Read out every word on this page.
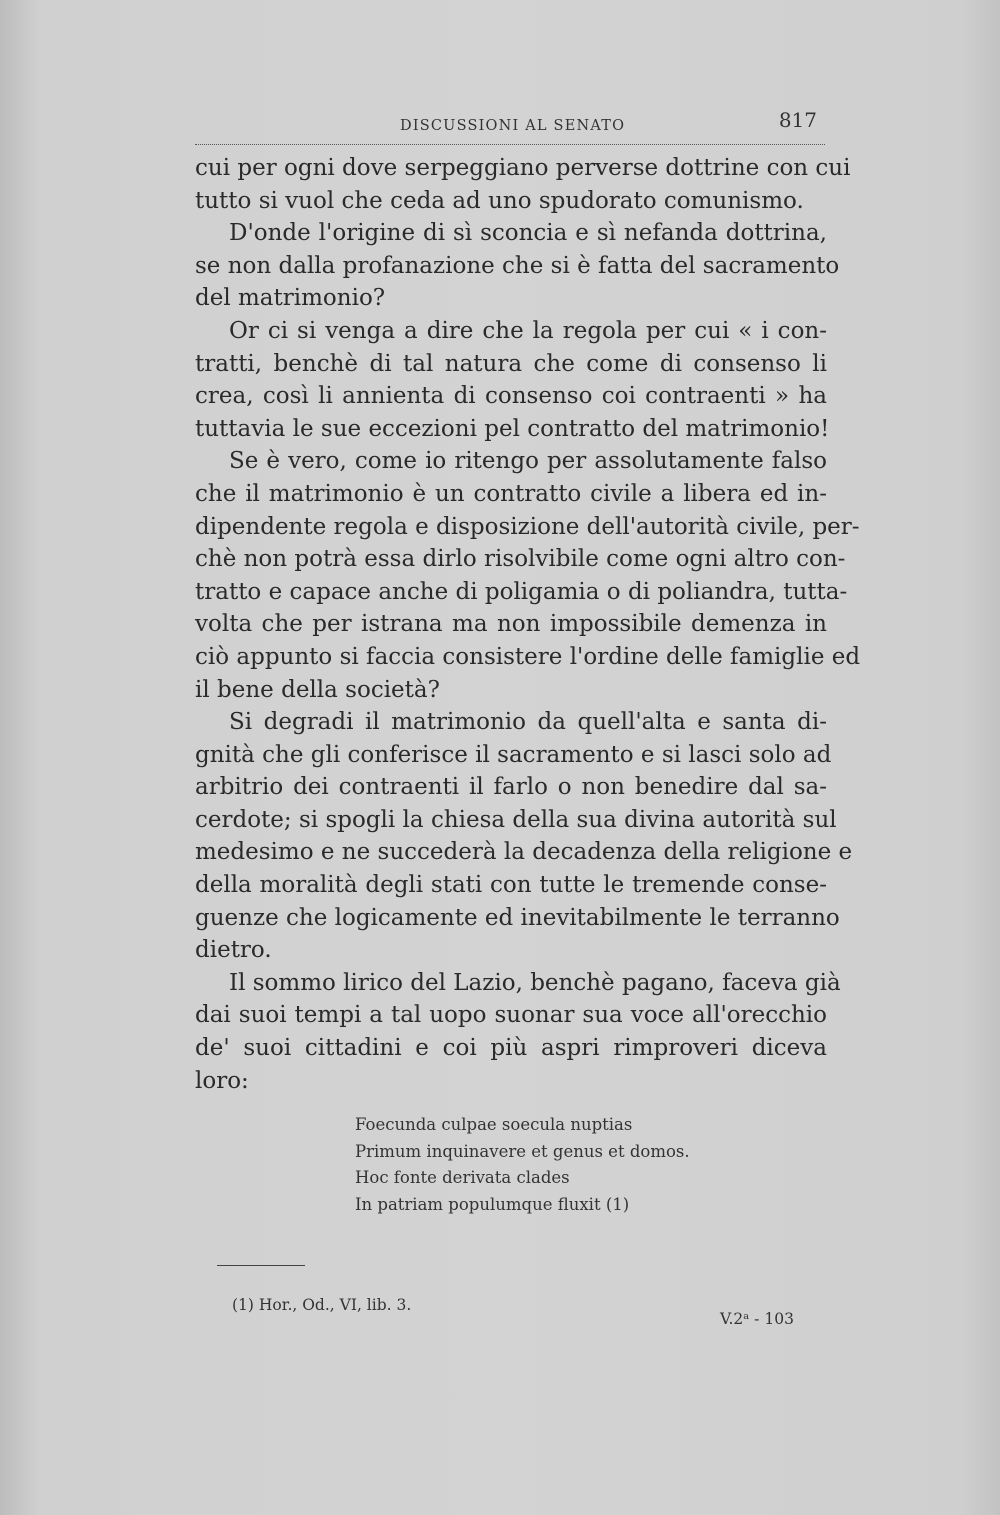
DISCUSSIONI AL SENATO	817
cui per ogni dove serpeggiano perverse dottrine con cui
tutto si vuol che ceda ad uno spudorato comunismo.
D'onde l'origine di sì sconcia e sì nefanda dottrina,
se non dalla profanazione che si è fatta del sacramento
del matrimonio?
Or ci si venga a dire che la regola per cui « i con-
tratti, benchè di tal natura che come di consenso li
crea, così li annienta di consenso coi contraenti » ha
tuttavia le sue eccezioni pel contratto del matrimonio!
Se è vero, come io ritengo per assolutamente falso
che il matrimonio è un contratto civile a libera ed in-
dipendente regola e disposizione dell'autorità civile, per-
chè non potrà essa dirlo risolvibile come ogni altro con-
tratto e capace anche di poligamia o di poliandra, tutta-
volta che per istrana ma non impossibile demenza in
ciò appunto si faccia consistere l'ordine delle famiglie ed
il bene della società?
Si degradi il matrimonio da quell'alta e santa di-
gnità che gli conferisce il sacramento e si lasci solo ad
arbitrio dei contraenti il farlo o non benedire dal sa-
cerdote; si spogli la chiesa della sua divina autorità sul
medesimo e ne succederà la decadenza della religione e
della moralità degli stati con tutte le tremende conse-
guenze che logicamente ed inevitabilmente le terranno
dietro.
Il sommo lirico del Lazio, benchè pagano, faceva già
dai suoi tempi a tal uopo suonar sua voce all'orecchio
de' suoi cittadini e coi più aspri rimproveri diceva
loro:
Foecunda culpae soecula nuptias
Primum inquinavere et genus et domos.
Hoc fonte derivata clades
In patriam populumque fluxit (1)
(1) Hor., Od., VI, lib. 3.
V.2ᵃ - 103
